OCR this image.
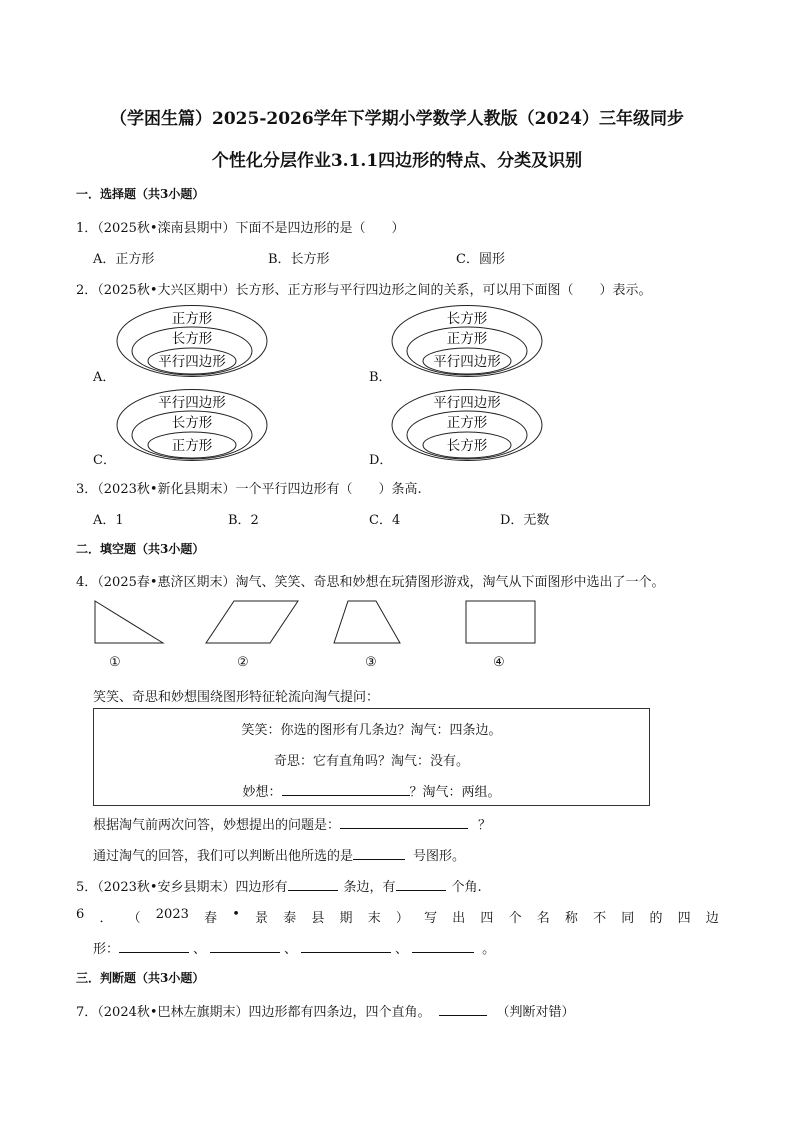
（学困生篇）2025-2026学年下学期小学数学人教版（2024）三年级同步
个性化分层作业3.1.1四边形的特点、分类及识别
一．选择题（共3小题）
1．（2025秋•滦南县期中）下面不是四边形的是（　　）
A．正方形	B．长方形	C．圆形
2．（2025秋•大兴区期中）长方形、正方形与平行四边形之间的关系，可以用下面图（　　）表示。
A．
正方形
长方形
平行四边形
B．
长方形
正方形
平行四边形
C．
平行四边形
长方形
正方形
D．
平行四边形
正方形
长方形
3．（2023秋•新化县期末）一个平行四边形有（　　）条高.
A．1	B．2	C．4	D．无数
二．填空题（共3小题）
4．（2025春•惠济区期末）淘气、笑笑、奇思和妙想在玩猜图形游戏，淘气从下面图形中选出了一个。
①	②	③	④
笑笑、奇思和妙想围绕图形特征轮流向淘气提问：
笑笑：你选的图形有几条边？淘气：四条边。
奇思：它有直角吗？淘气：没有。
妙想：	？淘气：两组。
根据淘气前两次问答，妙想提出的问题是：	？
通过淘气的回答，我们可以判断出他所选的是	号图形。
5．（2023秋•安乡县期末）四边形有	条边，有	个角.
6 ． （ 2023 春 • 景 泰 县 期 末 ） 写 出 四 个 名 称 不 同 的 四 边
形：	、	、	、	。
三．判断题（共3小题）
7．（2024秋•巴林左旗期末）四边形都有四条边，四个直角。	（判断对错）
